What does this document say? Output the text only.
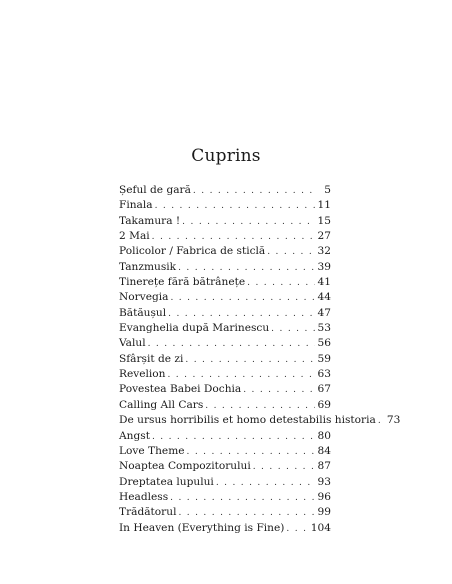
Cuprins
Șeful de gară . . .	5
Finala . . .	11
Takamura ! . . .	15
2 Mai . . .	27
Policolor / Fabrica de sticlă . . .	32
Tanzmusik . . .	39
Tinerețe fără bătrânețe . . .	41
Norvegia . . .	44
Bătăușul . . .	47
Evanghelia după Marinescu . . .	53
Valul . . .	56
Sfârșit de zi . . .	59
Revelion . . .	63
Povestea Babei Dochia . . .	67
Calling All Cars . . .	69
De ursus horribilis et homo detestabilis historia . . . 73
Angst . . .	80
Love Theme . . .	84
Noaptea Compozitorului . . .	87
Dreptatea lupului . . .	93
Headless . . .	96
Trădătorul . . .	99
In Heaven (Everything is Fine) . . . 104
